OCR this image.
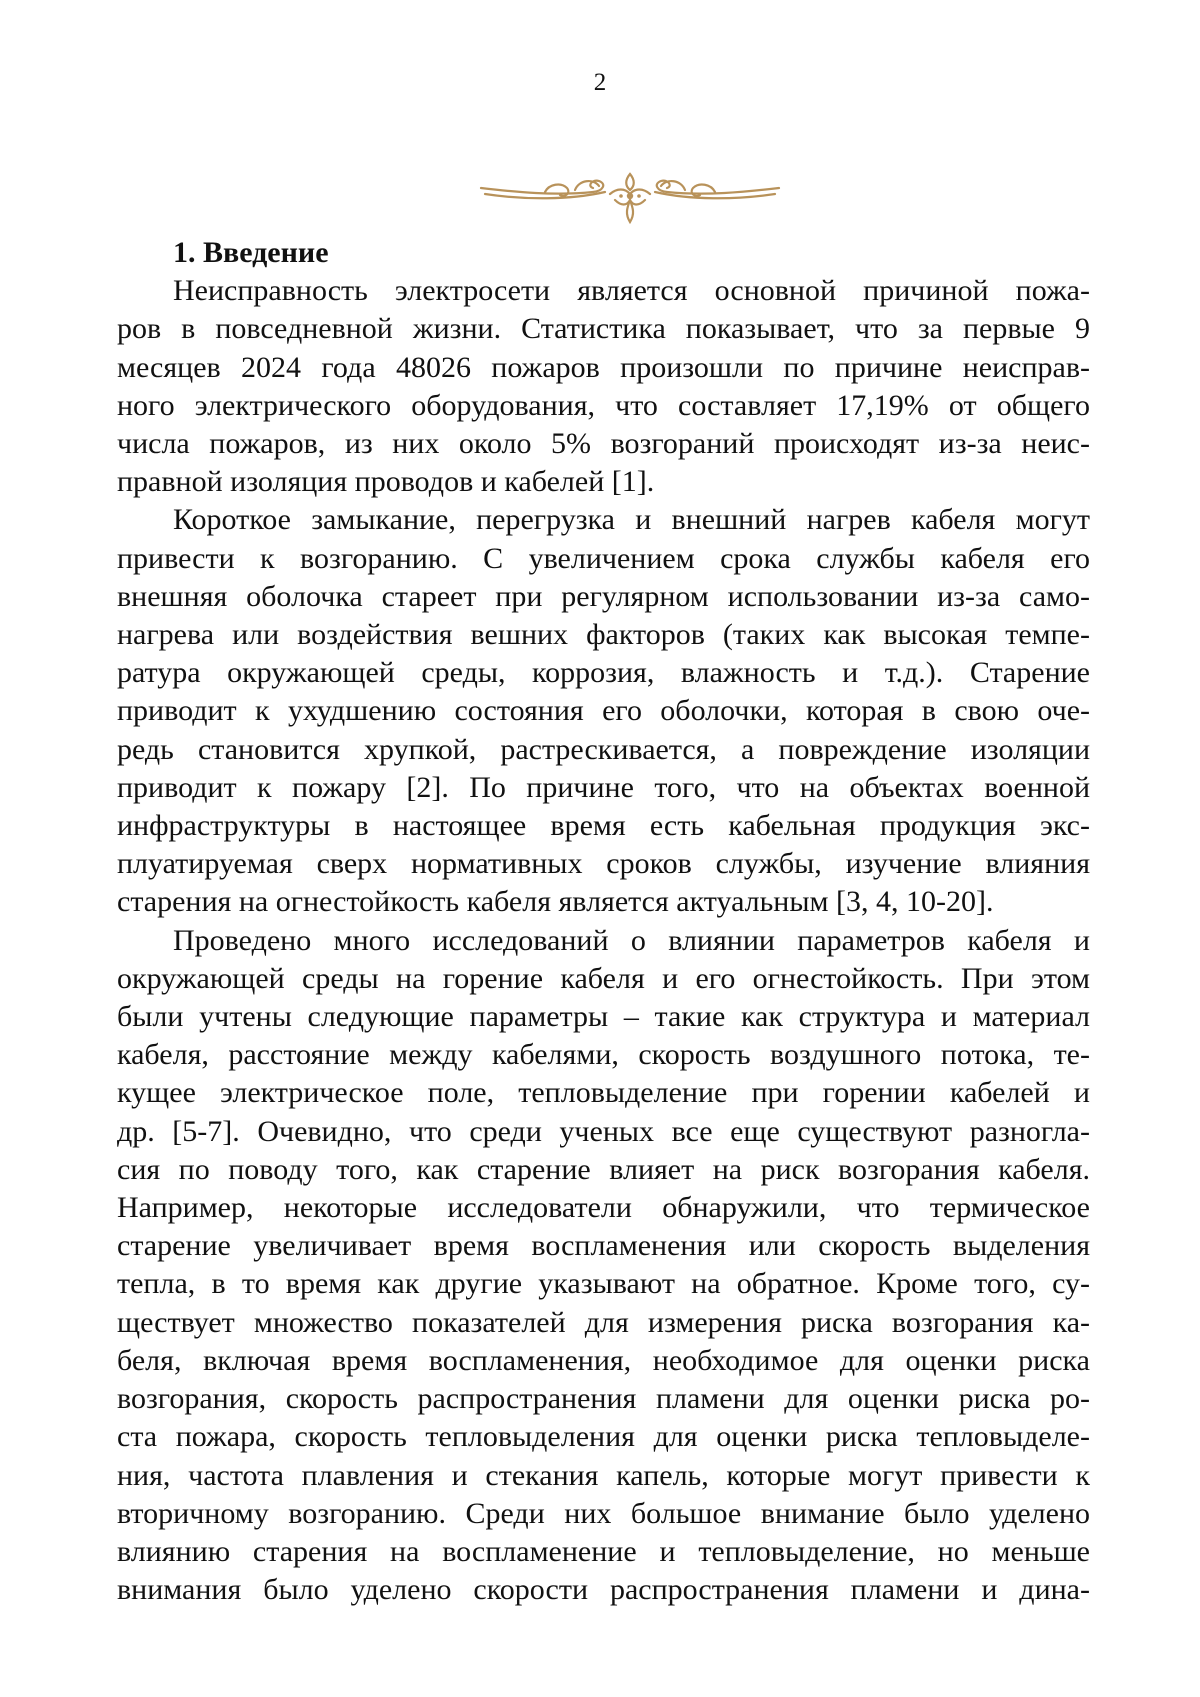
2
1. Введение
Неисправность электросети является основной причиной пожа-
ров в повседневной жизни. Статистика показывает, что за первые 9
месяцев 2024 года 48026 пожаров произошли по причине неисправ-
ного электрического оборудования, что составляет 17,19% от общего
числа пожаров, из них около 5% возгораний происходят из-за неис-
правной изоляция проводов и кабелей [1].
Короткое замыкание, перегрузка и внешний нагрев кабеля могут
привести к возгоранию. С увеличением срока службы кабеля его
внешняя оболочка стареет при регулярном использовании из-за само-
нагрева или воздействия вешних факторов (таких как высокая темпе-
ратура окружающей среды, коррозия, влажность и т.д.). Старение
приводит к ухудшению состояния его оболочки, которая в свою оче-
редь становится хрупкой, растрескивается, а повреждение изоляции
приводит к пожару [2]. По причине того, что на объектах военной
инфраструктуры в настоящее время есть кабельная продукция экс-
плуатируемая сверх нормативных сроков службы, изучение влияния
старения на огнестойкость кабеля является актуальным [3, 4, 10-20].
Проведено много исследований о влиянии параметров кабеля и
окружающей среды на горение кабеля и его огнестойкость. При этом
были учтены следующие параметры – такие как структура и материал
кабеля, расстояние между кабелями, скорость воздушного потока, те-
кущее электрическое поле, тепловыделение при горении кабелей и
др. [5-7]. Очевидно, что среди ученых все еще существуют разногла-
сия по поводу того, как старение влияет на риск возгорания кабеля.
Например, некоторые исследователи обнаружили, что термическое
старение увеличивает время воспламенения или скорость выделения
тепла, в то время как другие указывают на обратное. Кроме того, су-
ществует множество показателей для измерения риска возгорания ка-
беля, включая время воспламенения, необходимое для оценки риска
возгорания, скорость распространения пламени для оценки риска ро-
ста пожара, скорость тепловыделения для оценки риска тепловыделе-
ния, частота плавления и стекания капель, которые могут привести к
вторичному возгоранию. Среди них большое внимание было уделено
влиянию старения на воспламенение и тепловыделение, но меньше
внимания было уделено скорости распространения пламени и дина-
